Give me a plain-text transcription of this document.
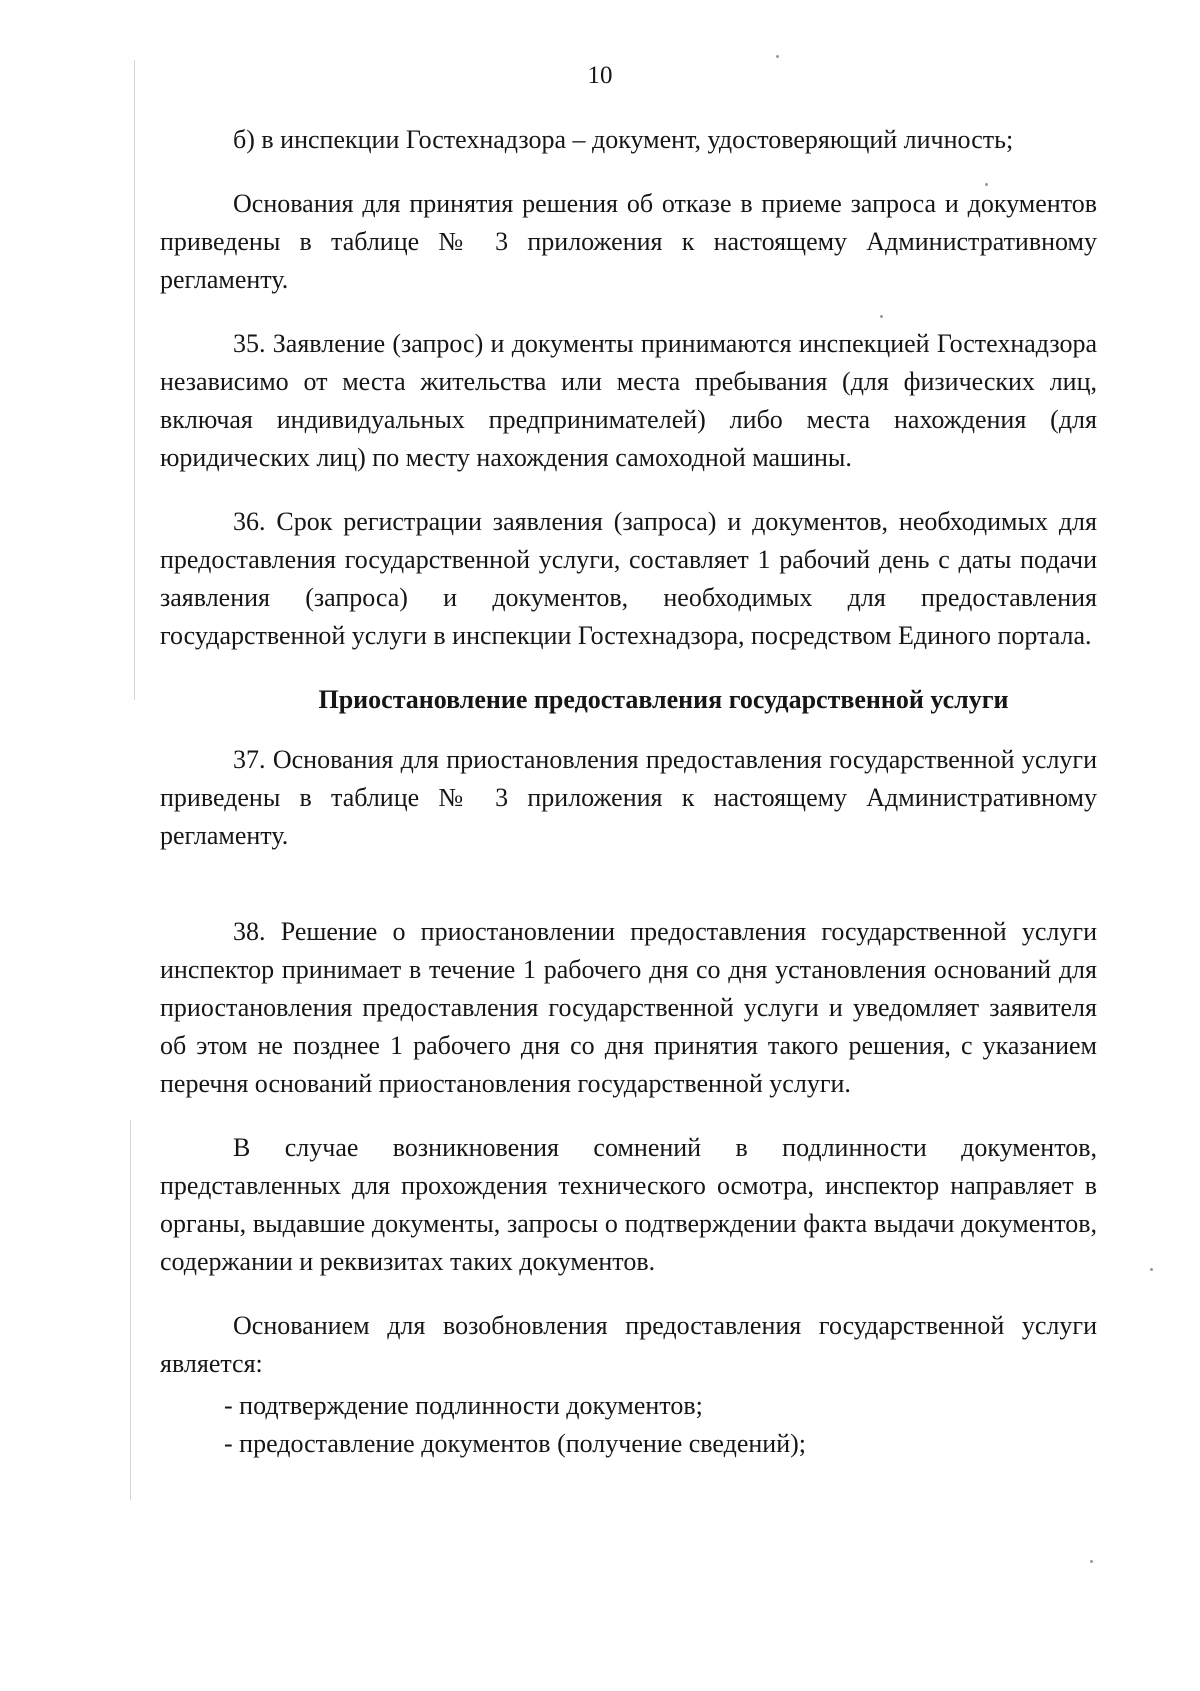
10

б) в инспекции Гостехнадзора – документ, удостоверяющий личность;

Основания для принятия решения об отказе в приеме запроса и документов приведены в таблице № 3 приложения к настоящему Административному регламенту.

35. Заявление (запрос) и документы принимаются инспекцией Гостехнадзора независимо от места жительства или места пребывания (для физических лиц, включая индивидуальных предпринимателей) либо места нахождения (для юридических лиц) по месту нахождения самоходной машины.

36. Срок регистрации заявления (запроса) и документов, необходимых для предоставления государственной услуги, составляет 1 рабочий день с даты подачи заявления (запроса) и документов, необходимых для предоставления государственной услуги в инспекции Гостехнадзора, посредством Единого портала.

Приостановление предоставления государственной услуги

37. Основания для приостановления предоставления государственной услуги приведены в таблице № 3 приложения к настоящему Административному регламенту.

38. Решение о приостановлении предоставления государственной услуги инспектор принимает в течение 1 рабочего дня со дня установления оснований для приостановления предоставления государственной услуги и уведомляет заявителя об этом не позднее 1 рабочего дня со дня принятия такого решения, с указанием перечня оснований приостановления государственной услуги.

В случае возникновения сомнений в подлинности документов, представленных для прохождения технического осмотра, инспектор направляет в органы, выдавшие документы, запросы о подтверждении факта выдачи документов, содержании и реквизитах таких документов.

Основанием для возобновления предоставления государственной услуги является:

- подтверждение подлинности документов;

- предоставление документов (получение сведений);
